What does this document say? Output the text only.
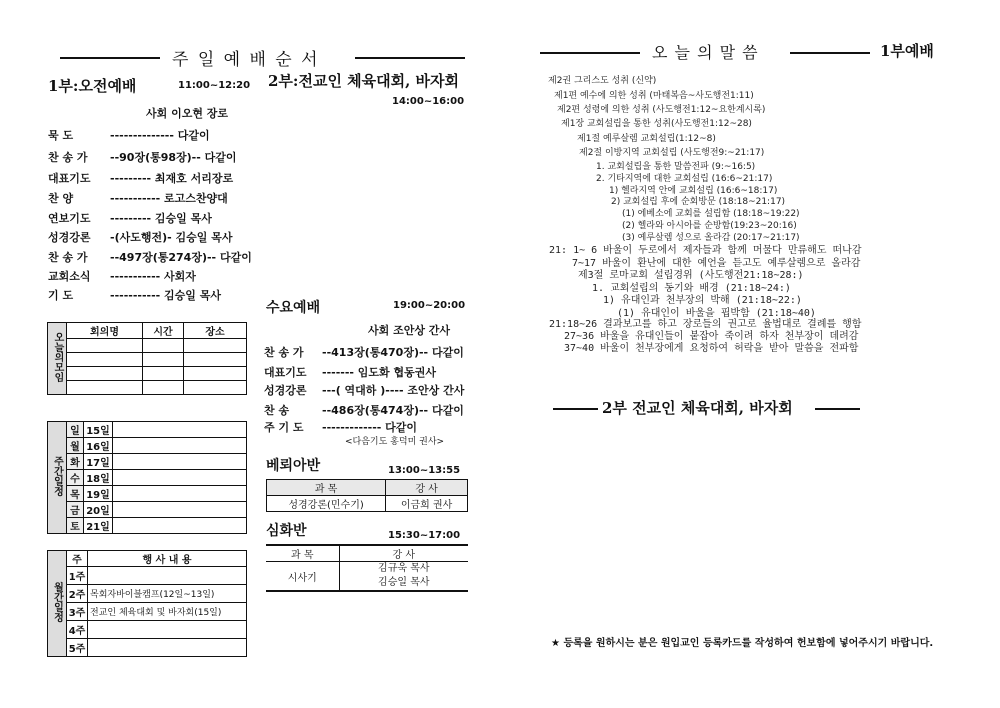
주 일 예 배 순 서
1부:오전예배	11:00~12:20
사회 이오현 장로
2부:전교인 체육대회, 바자회
14:00~16:00
묵 도	-------------- 다같이
찬 송 가 --90장(통98장)-- 다같이
대표기도 --------- 최재호 서리장로
찬 양	----------- 로고스찬양대
연보기도 --------- 김승일 목사
성경강론 -(사도행전)- 김승일 목사
찬 송 가 --497장(통274장)-- 다같이
교회소식 ----------- 사회자
기 도	----------- 김승일 목사
오늘의모임	회의명	시간	장소

주간일정	일	15일	
	월	16일	
	화	17일	
	수	18일	
	목	19일	
	금	20일	
	토	21일	
월간일정	주	행 사 내 용
	1주	
	2주	목회자바이블캠프(12일~13일)
	3주	전교인 체육대회 및 바자회(15일)
	4주	
	5주	
수요예배	19:00~20:00
사회 조안상 간사
찬 송 가 --413장(통470장)-- 다같이
대표기도 ------- 임도화 협동권사
성경강론 ---( 역대하 )---- 조안상 간사
찬 송	--486장(통474장)-- 다같이
주 기 도 ------------- 다같이
<다음기도 홍덕미 권사>
베뢰아반	13:00~13:55
과 목	강 사
성경강론(민수기)	이금희 권사
심화반	15:30~17:00
과 목	강 사
시사기	김규욱 목사
김승일 목사
오 늘 의 말 씀	1부예배
제2권 그리스도 성취 (신약)
제1편 예수에 의한 성취 (마태복음~사도행전1:11)
제2편 성령에 의한 성취 (사도행전1:12~요한계시록)
제1장 교회설립을 통한 성취(사도행전1:12~28)
제1절 예루살렘 교회설립(1:12~8)
제2절 이방지역 교회설립 (사도행전9:~21:17)
1. 교회설립을 통한 말씀전파 (9:~16:5)
2. 기타지역에 대한 교회설립 (16:6~21:17)
1) 헬라지역 안에 교회설립 (16:6~18:17)
2) 교회설립 후에 순회방문 (18:18~21:17)
(1) 에베소에 교회를 설립함 (18:18~19:22)
(2) 헬라와 아시아를 순방함(19:23~20:16)
(3) 예루살렘 성으로 올라감 (20:17~21:17)
21: 1~ 6 바울이 두로에서 제자들과 함께 머물다 만류해도 떠나감
7~17 바울이 환난에 대한 예언을 듣고도 예루살렘으로 올라감
제3절 로마교회 설립경위 (사도행전21:18~28:)
1. 교회설립의 동기와 배경 (21:18~24:)
1) 유대인과 천부장의 박해 (21:18~22:)
(1) 유대인이 바울을 핍박함 (21:18~40)
21:18~26 결과보고를 하고 장로들의 권고로 율법대로 결례를 행함
27~36 바울을 유대인들이 붙잡아 죽이려 하자 천부장이 데려감
37~40 바울이 천부장에게 요청하여 허락을 받아 말씀을 전파함
2부 전교인 체육대회, 바자회
★ 등록을 원하시는 분은 원입교인 등록카드를 작성하여 헌보함에 넣어주시기 바랍니다.
